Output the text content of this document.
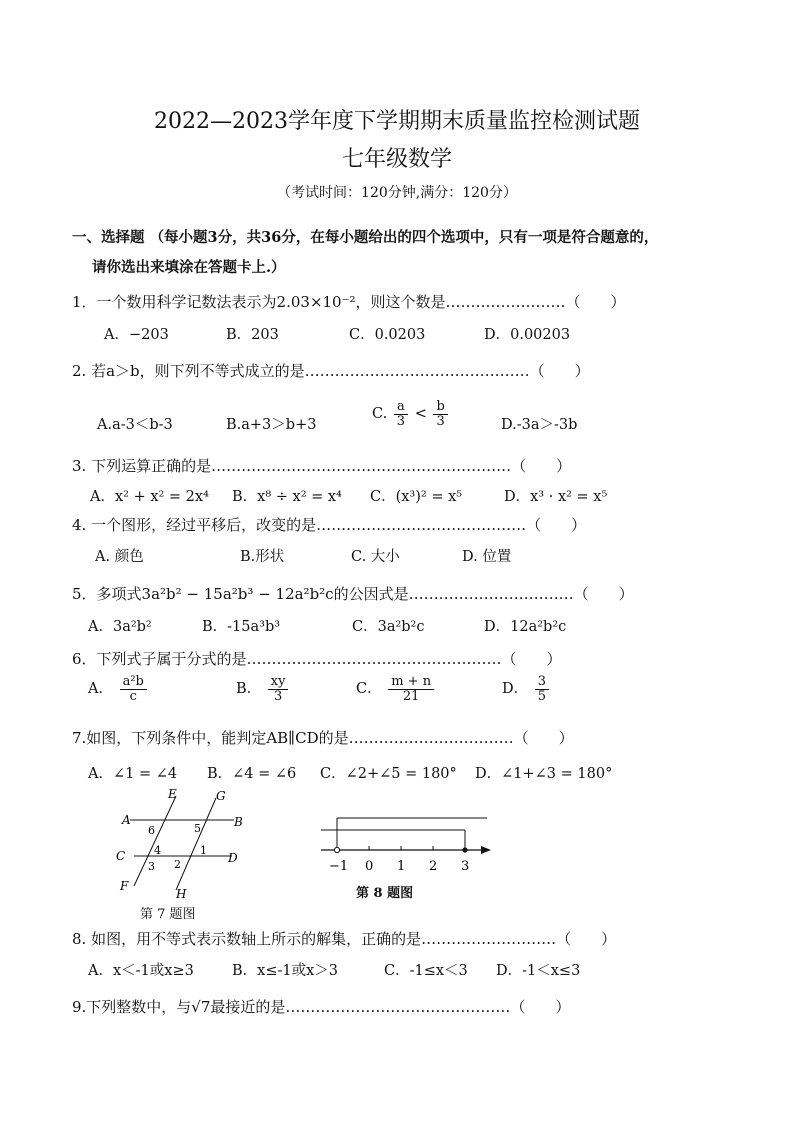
2022—2023学年度下学期期末质量监控检测试题
七年级数学
（考试时间：120分钟,满分：120分）
一、选择题 （每小题3分，共36分，在每小题给出的四个选项中，只有一项是符合题意的，
请你选出来填涂在答题卡上.）
1．一个数用科学记数法表示为2.03×10⁻²，则这个数是……………………（　　）
A．−203	B．203	C．0.0203	D．0.00203
2. 若a＞b，则下列不等式成立的是………………………………………（　　）
A.a-3＜b-3	B.a+3＞b+3
C. $\frac{a}{3} < \frac{b}{3}$	D.-3a＞-3b
3. 下列运算正确的是……………………………………………………（　　）
A．x² + x² = 2x⁴ B．x⁸ ÷ x² = x⁴ C．(x³)² = x⁵	D．x³ · x² = x⁵
4. 一个图形，经过平移后，改变的是……………………………………（　　）
A. 颜色	B.形状	C. 大小	D. 位置
5．多项式3a²b² − 15a²b³ − 12a²b²c的公因式是……………………………（　　）
A．3a²b²	B．-15a³b³	C．3a²b²c	D．12a²b²c
6．下列式子属于分式的是……………………………………………（　　）
A． $\frac{\text{a²b}}{c}$	B． $\frac{xy}{3}$	C． $\frac{m + n}{21}$	D． $\frac{3}{5}$
7.如图，下列条件中，能判定AB∥CD的是……………………………（　　）
A．∠1 = ∠4 B．∠4 = ∠6 C．∠2+∠5 = 180° D．∠1+∠3 = 180°
A	B
C	D
E
F
G
H
6	5
4
3 2
1
第 7 题图
−1 0 1 2 3
第 8 题图
8. 如图，用不等式表示数轴上所示的解集，正确的是………………………（　　）
A．x＜-1或x≥3	B．x≤-1或x＞3	C．-1≤x＜3 D．-1＜x≤3
9.下列整数中，与√7最接近的是………………………………………（　　）
